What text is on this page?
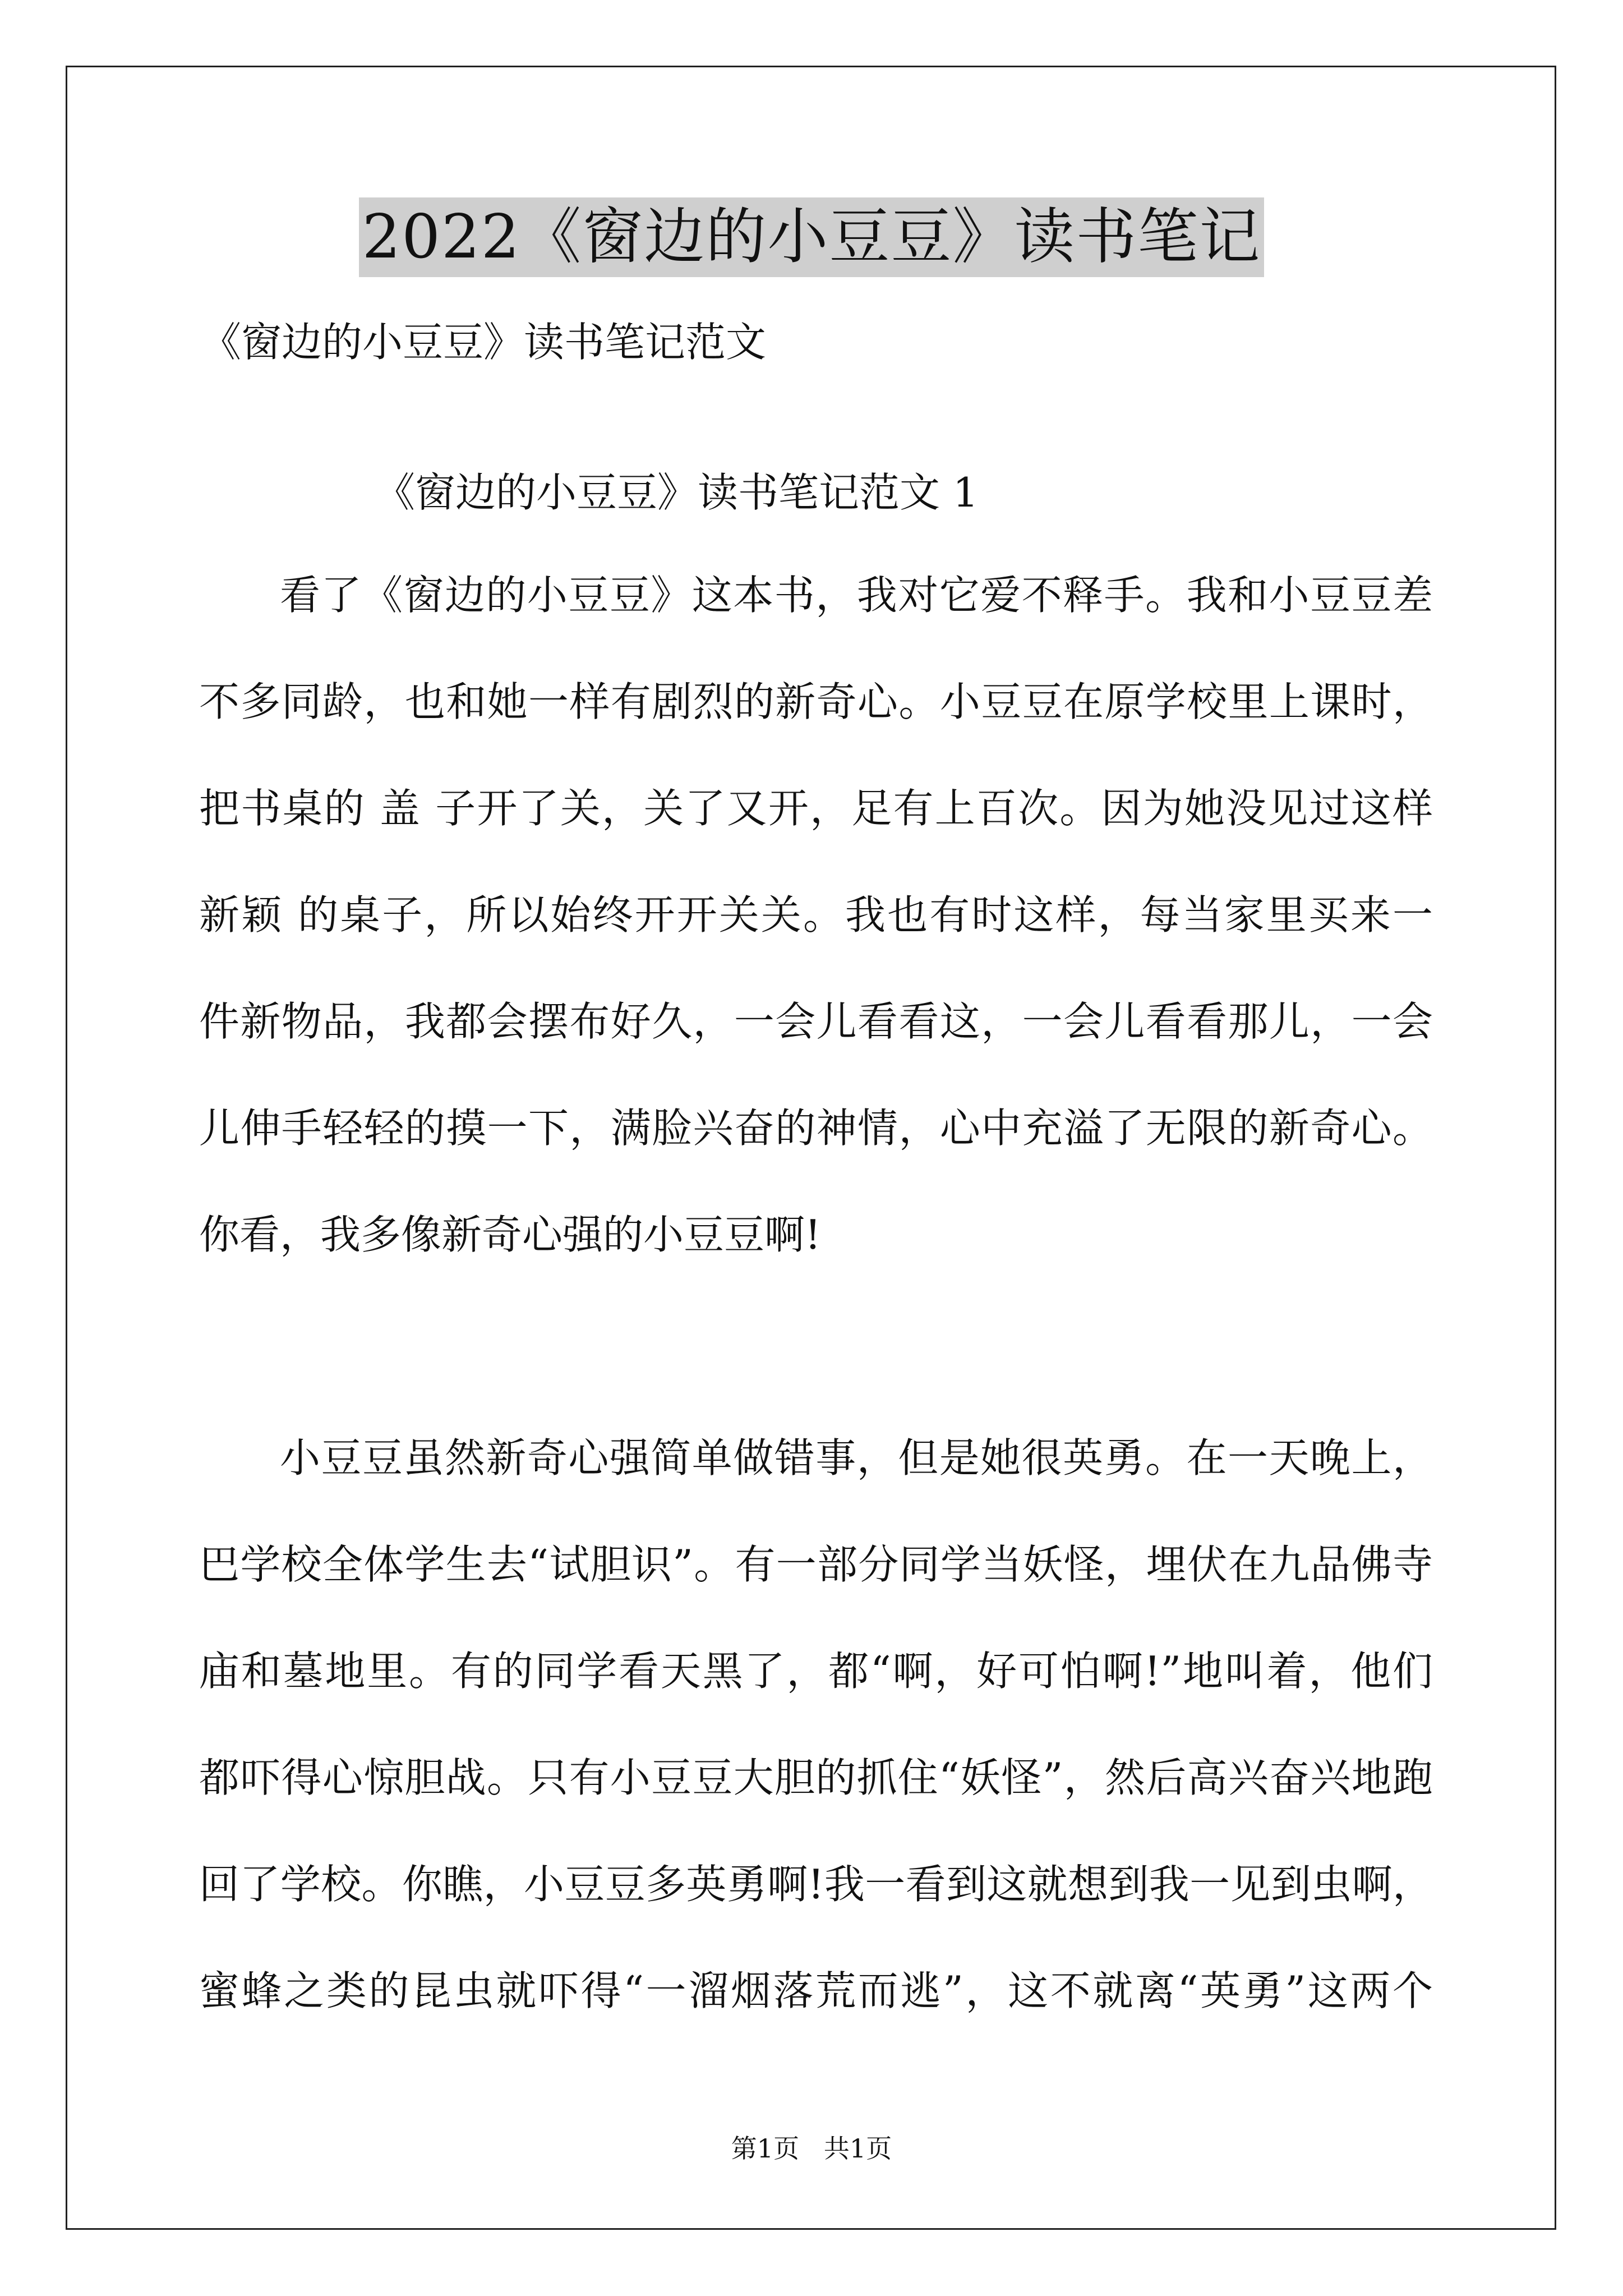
2022《窗边的小豆豆》读书笔记
《窗边的小豆豆》读书笔记范文
《窗边的小豆豆》读书笔记范文 1
看了《窗边的小豆豆》这本书，我对它爱不释手。我和小豆豆差
不多同龄，也和她一样有剧烈的新奇心。小豆豆在原学校里上课时，
把书桌的 盖 子开了关，关了又开，足有上百次。因为她没见过这样
新颖 的桌子，所以始终开开关关。我也有时这样，每当家里买来一
件新物品，我都会摆布好久，一会儿看看这，一会儿看看那儿，一会
儿伸手轻轻的摸一下，满脸兴奋的神情，心中充溢了无限的新奇心。
你看，我多像新奇心强的小豆豆啊!
小豆豆虽然新奇心强简单做错事，但是她很英勇。在一天晚上，
巴学校全体学生去“试胆识”。有一部分同学当妖怪，埋伏在九品佛寺
庙和墓地里。有的同学看天黑了，都“啊，好可怕啊!”地叫着，他们
都吓得心惊胆战。只有小豆豆大胆的抓住“妖怪”，然后高兴奋兴地跑
回了学校。你瞧，小豆豆多英勇啊!我一看到这就想到我一见到虫啊，
蜜蜂之类的昆虫就吓得“一溜烟落荒而逃”，这不就离“英勇”这两个
第1页   共1页
